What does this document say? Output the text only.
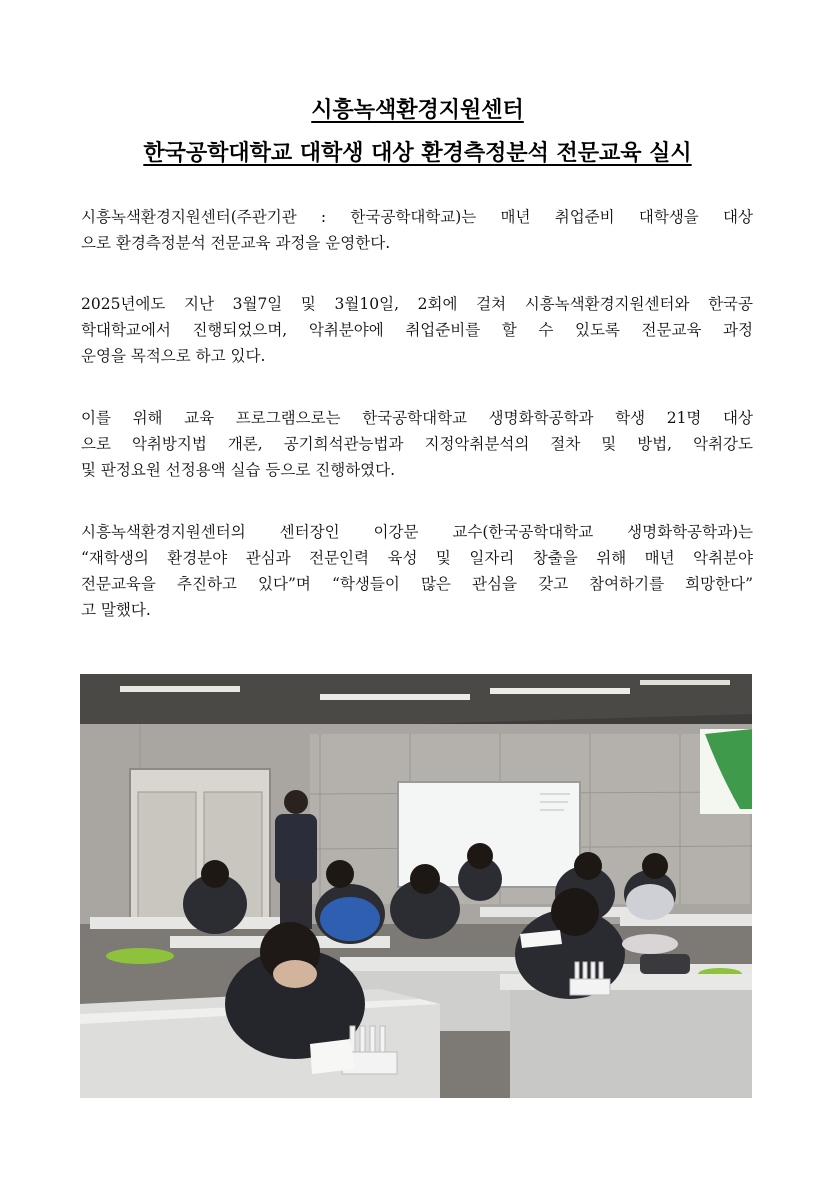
시흥녹색환경지원센터
한국공학대학교 대학생 대상 환경측정분석 전문교육 실시
시흥녹색환경지원센터(주관기관 : 한국공학대학교)는 매년 취업준비 대학생을 대상
으로 환경측정분석 전문교육 과정을 운영한다.
2025년에도 지난 3월7일 및 3월10일, 2회에 걸쳐 시흥녹색환경지원센터와 한국공
학대학교에서 진행되었으며, 악취분야에 취업준비를 할 수 있도록 전문교육 과정
운영을 목적으로 하고 있다.
이를 위해 교육 프로그램으로는 한국공학대학교 생명화학공학과 학생 21명 대상
으로 악취방지법 개론, 공기희석관능법과 지정악취분석의 절차 및 방법, 악취강도
및 판정요원 선정용액 실습 등으로 진행하였다.
시흥녹색환경지원센터의 센터장인 이강문 교수(한국공학대학교 생명화학공학과)는
“재학생의 환경분야 관심과 전문인력 육성 및 일자리 창출을 위해 매년 악취분야
전문교육을 추진하고 있다”며 “학생들이 많은 관심을 갖고 참여하기를 희망한다”
고 말했다.
